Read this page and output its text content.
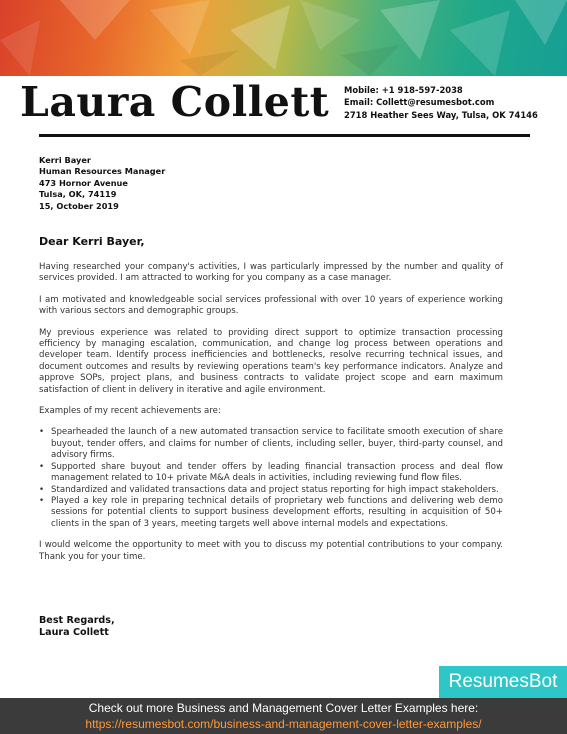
Laura Collett Mobile: +1 918-597-2038
Email: Collett@resumesbot.com
2718 Heather Sees Way, Tulsa, OK 74146
Kerri Bayer
Human Resources Manager
473 Hornor Avenue
Tulsa, OK, 74119
15, October 2019
Dear Kerri Bayer,

Having researched your company's activities, I was particularly impressed by the number and quality of services provided. I am attracted to working for you company as a case manager.

I am motivated and knowledgeable social services professional with over 10 years of experience working with various sectors and demographic groups.

My previous experience was related to providing direct support to optimize transaction processing efficiency by managing escalation, communication, and change log process between operations and developer team. Identify process inefficiencies and bottlenecks, resolve recurring technical issues, and document outcomes and results by reviewing operations team's key performance indicators. Analyze and approve SOPs, project plans, and business contracts to validate project scope and earn maximum satisfaction of client in delivery in iterative and agile environment.

Examples of my recent achievements are:

• Spearheaded the launch of a new automated transaction service to facilitate smooth execution of share buyout, tender offers, and claims for number of clients, including seller, buyer, third-party counsel, and advisory firms.
• Supported share buyout and tender offers by leading financial transaction process and deal flow management related to 10+ private M&A deals in activities, including reviewing fund flow files.
• Standardized and validated transactions data and project status reporting for high impact stakeholders.
• Played a key role in preparing technical details of proprietary web functions and delivering web demo sessions for potential clients to support business development efforts, resulting in acquisition of 50+ clients in the span of 3 years, meeting targets well above internal models and expectations.

I would welcome the opportunity to meet with you to discuss my potential contributions to your company. Thank you for your time.

Best Regards,
Laura Collett
ResumesBot
Check out more Business and Management Cover Letter Examples here:
https://resumesbot.com/business-and-management-cover-letter-examples/
